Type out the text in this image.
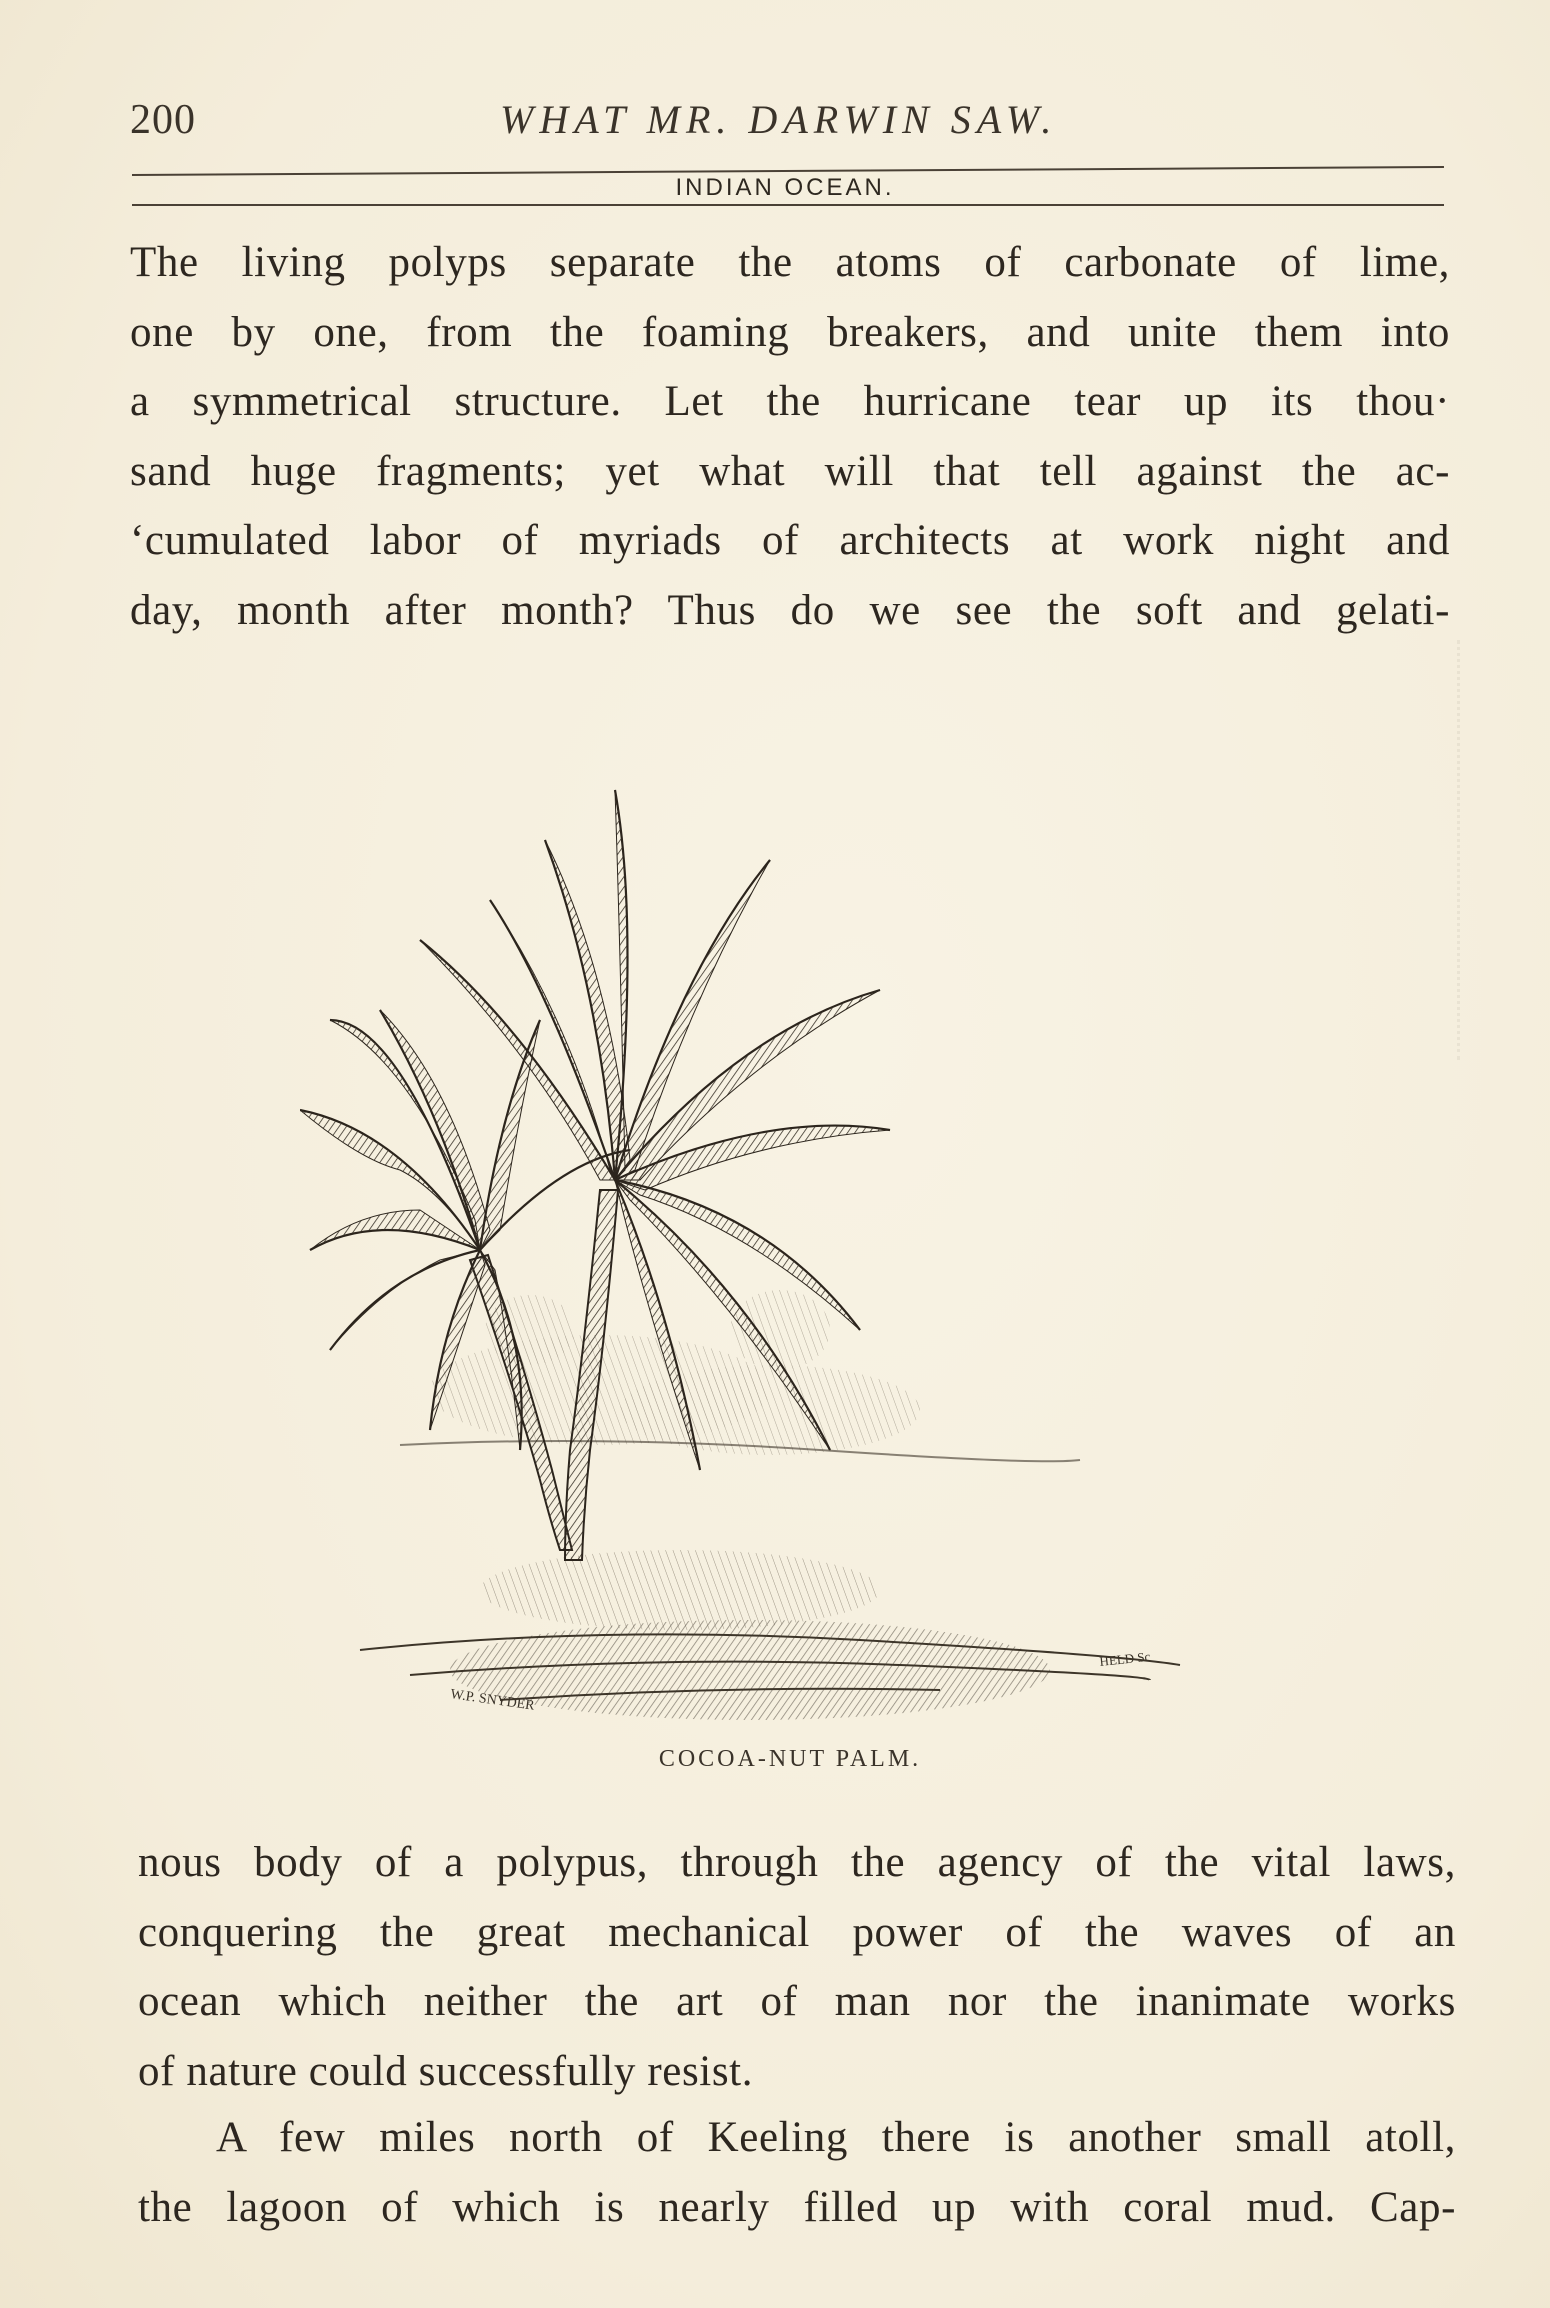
200	WHAT MR. DARWIN SAW.
INDIAN OCEAN.
The living polyps separate the atoms of carbonate of lime,
one by one, from the foaming breakers, and unite them into
a symmetrical structure. Let the hurricane tear up its thou·
sand huge fragments; yet what will that tell against the ac-
‘cumulated labor of myriads of architects at work night and
day, month after month? Thus do we see the soft and gelati-
W.P. SNYDER
HELD Sc
COCOA-NUT PALM.
nous body of a polypus, through the agency of the vital laws,
conquering the great mechanical power of the waves of an
ocean which neither the art of man nor the inanimate works
of nature could successfully resist.
A few miles north of Keeling there is another small atoll,
the lagoon of which is nearly filled up with coral mud. Cap-
